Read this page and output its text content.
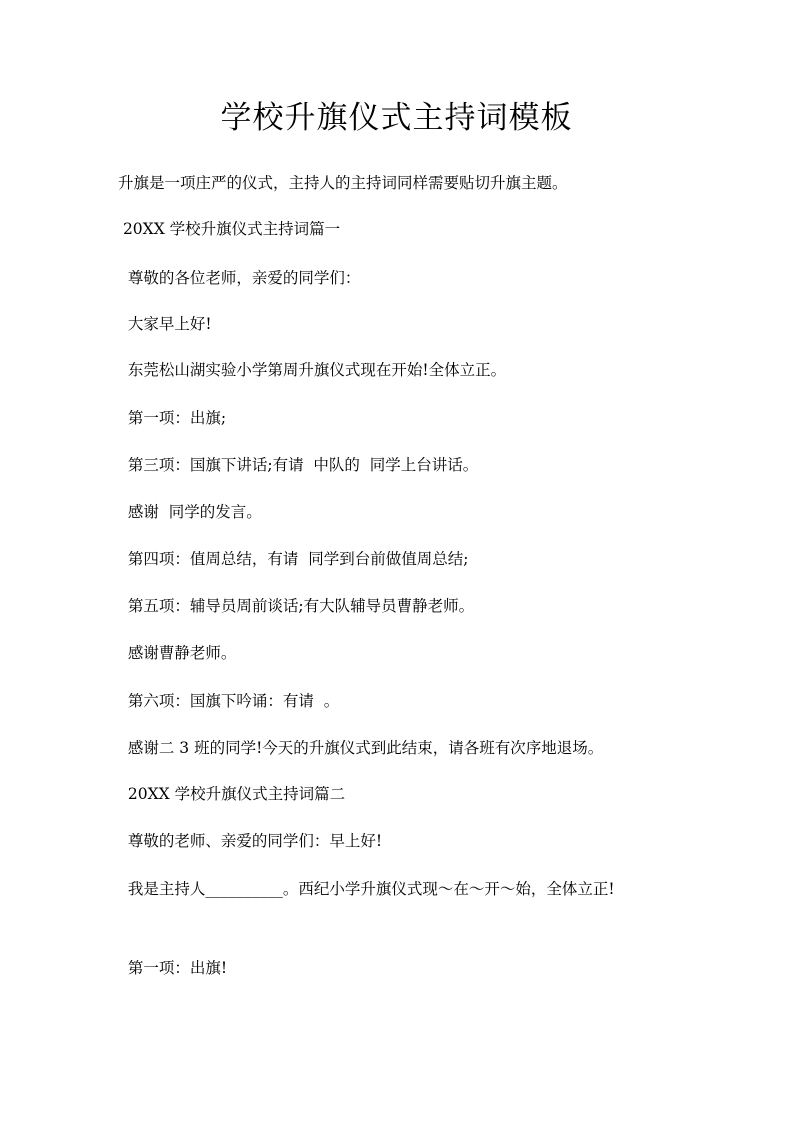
学校升旗仪式主持词模板

升旗是一项庄严的仪式，主持人的主持词同样需要贴切升旗主题。

20XX 学校升旗仪式主持词篇一

尊敬的各位老师，亲爱的同学们：

大家早上好!

东莞松山湖实验小学第周升旗仪式现在开始!全体立正。

第一项：出旗;

第三项：国旗下讲话;有请  中队的  同学上台讲话。

感谢  同学的发言。

第四项：值周总结，有请  同学到台前做值周总结;

第五项：辅导员周前谈话;有大队辅导员曹静老师。

感谢曹静老师。

第六项：国旗下吟诵：有请  。

感谢二 3 班的同学!今天的升旗仪式到此结束，请各班有次序地退场。

20XX 学校升旗仪式主持词篇二

尊敬的老师、亲爱的同学们：早上好!

我是主持人__________。西纪小学升旗仪式现～在～开～始，全体立正!

第一项：出旗!
